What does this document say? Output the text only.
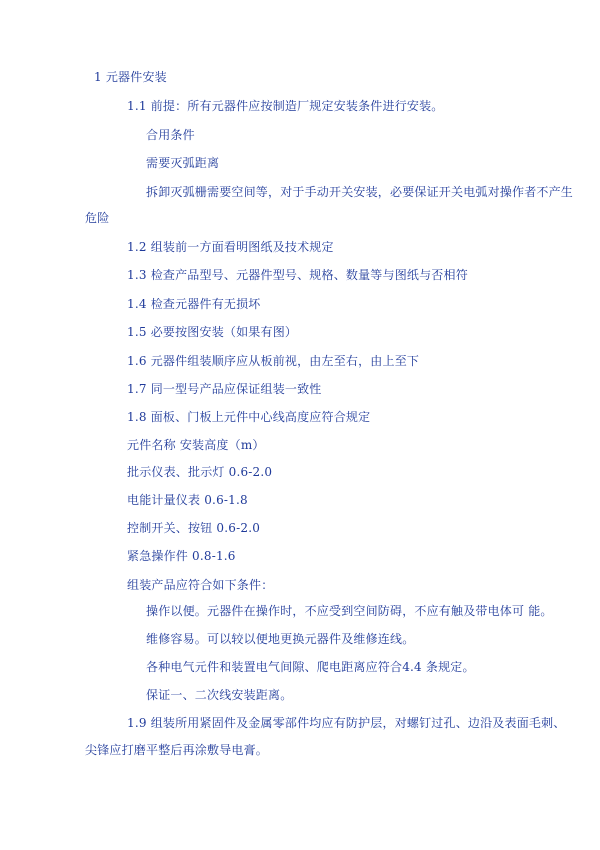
1 元器件安装
1.1 前提：所有元器件应按制造厂规定安装条件进行安装。
合用条件
需要灭弧距离
拆卸灭弧栅需要空间等，对于手动开关安装，必要保证开关电弧对操作者不产生
危险
1.2 组装前一方面看明图纸及技术规定
1.3 检查产品型号、元器件型号、规格、数量等与图纸与否相符
1.4 检查元器件有无损坏
1.5 必要按图安装（如果有图）
1.6 元器件组装顺序应从板前视，由左至右，由上至下
1.7 同一型号产品应保证组装一致性
1.8 面板、门板上元件中心线高度应符合规定
元件名称 安装高度（m）
批示仪表、批示灯 0.6-2.0
电能计量仪表 0.6-1.8
控制开关、按钮 0.6-2.0
紧急操作件 0.8-1.6
组装产品应符合如下条件：
操作以便。元器件在操作时，不应受到空间防碍，不应有触及带电体可 能。
维修容易。可以较以便地更换元器件及维修连线。
各种电气元件和装置电气间隙、爬电距离应符合4.4 条规定。
保证一、二次线安装距离。
1.9 组装所用紧固件及金属零部件均应有防护层，对螺钉过孔、边沿及表面毛刺、
尖锋应打磨平整后再涂敷导电膏。
